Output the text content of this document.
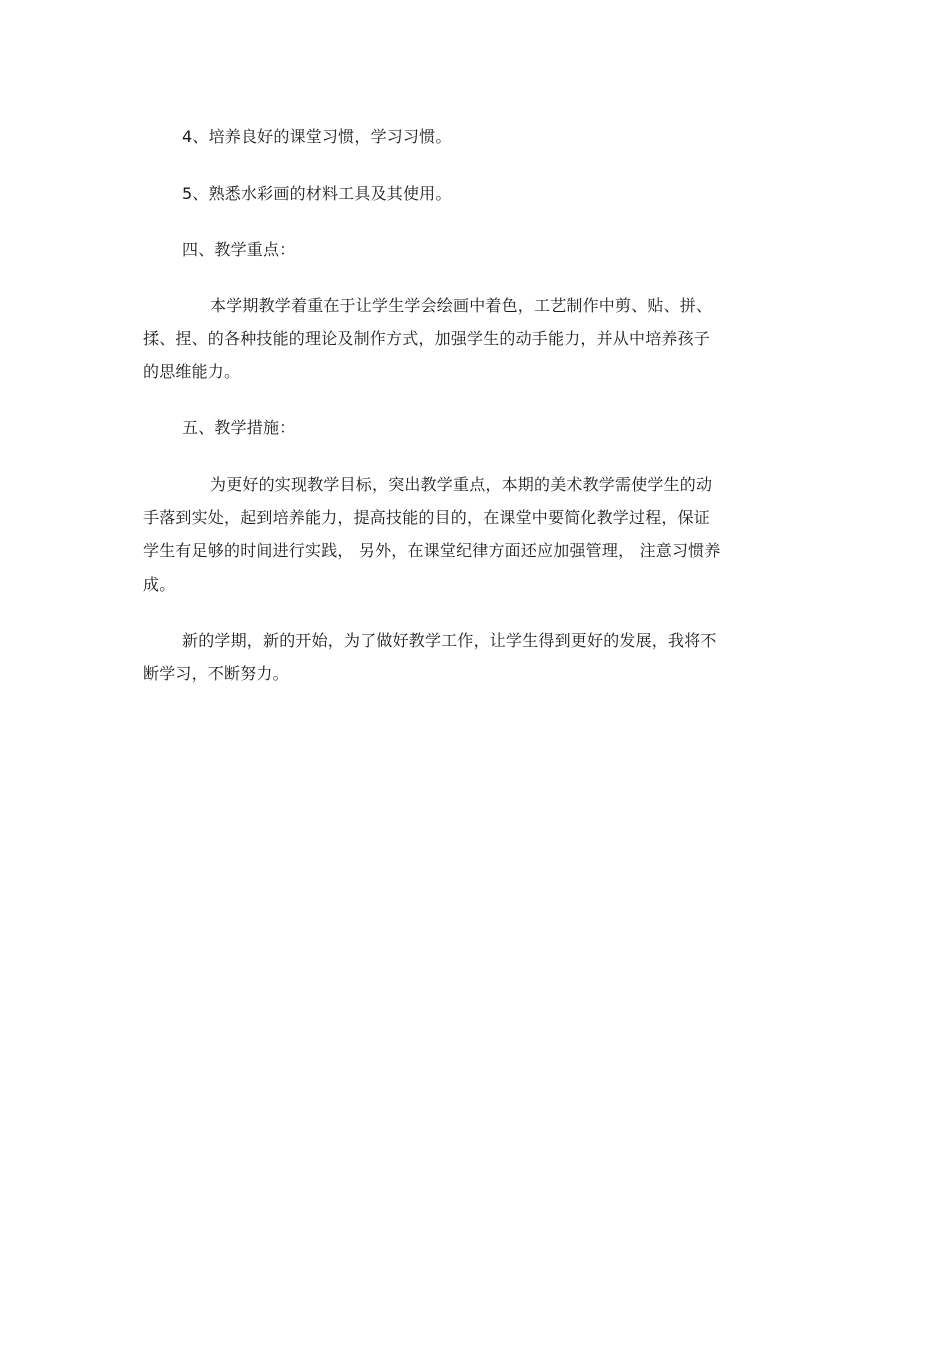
4、培养良好的课堂习惯，学习习惯。
5、熟悉水彩画的材料工具及其使用。
四、教学重点：
本学期教学着重在于让学生学会绘画中着色，工艺制作中剪、贴、拼、
揉、捏、的各种技能的理论及制作方式，加强学生的动手能力，并从中培养孩子
的思维能力。
五、教学措施：
为更好的实现教学目标，突出教学重点，本期的美术教学需使学生的动
手落到实处，起到培养能力，提高技能的目的，在课堂中要简化教学过程，保证
学生有足够的时间进行实践， 另外，在课堂纪律方面还应加强管理， 注意习惯养
成。
新的学期，新的开始，为了做好教学工作，让学生得到更好的发展，我将不
断学习，不断努力。
